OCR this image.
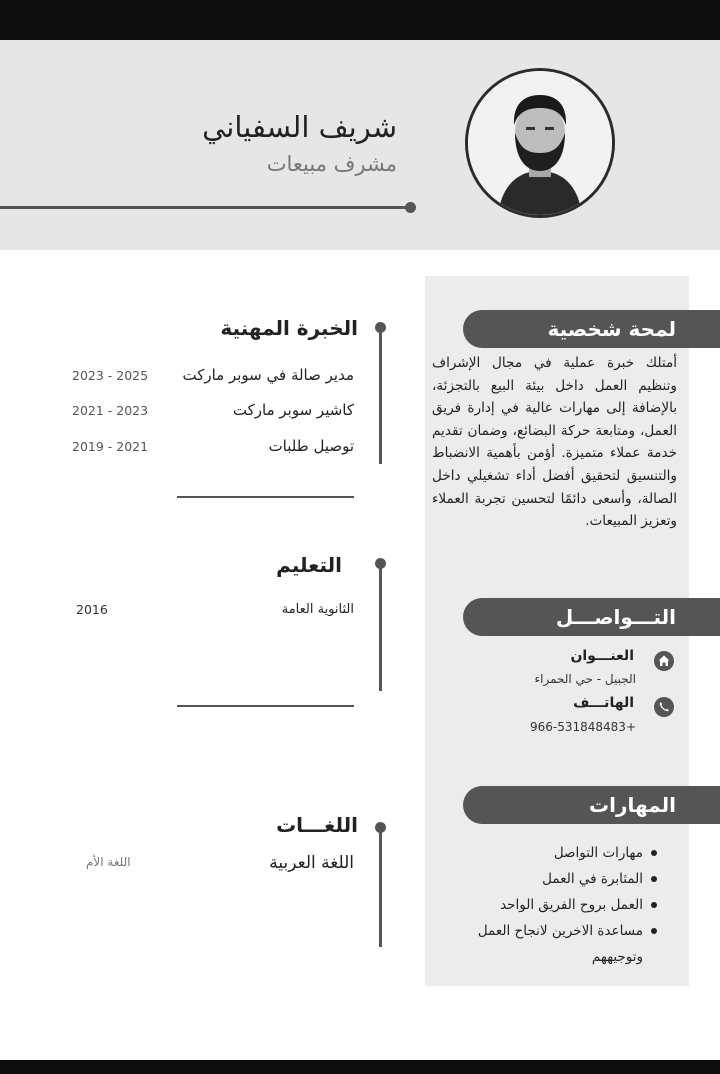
شريف السفياني
مشرف مبيعات
لمحة شخصية
أمتلك خبرة عملية في مجال الإشراف وتنظيم العمل داخل بيئة البيع بالتجزئة، بالإضافة إلى مهارات عالية في إدارة فريق العمل، ومتابعة حركة البضائع، وضمان تقديم خدمة عملاء متميزة. أؤمن بأهمية الانضباط والتنسيق لتحقيق أفضل أداء تشغيلي داخل الصالة، وأسعى دائمًا لتحسين تجربة العملاء وتعزيز المبيعات.
التـــواصـــل
العنـــوان
الجبيل - حي الحمراء
الهاتـــف
+966-531848483
المهارات
مهارات التواصل
المثابرة في العمل
العمل بروح الفريق الواحد
مساعدة الاخرين لانجاح العمل وتوجيههم
الخبرة المهنية
مدير صالة في سوبر ماركت
2023 - 2025
كاشير سوبر ماركت
2021 - 2023
توصيل طلبات
2019 - 2021
التعليم
الثانوية العامة
2016
اللغـــات
اللغة العربية
اللغة الأم
